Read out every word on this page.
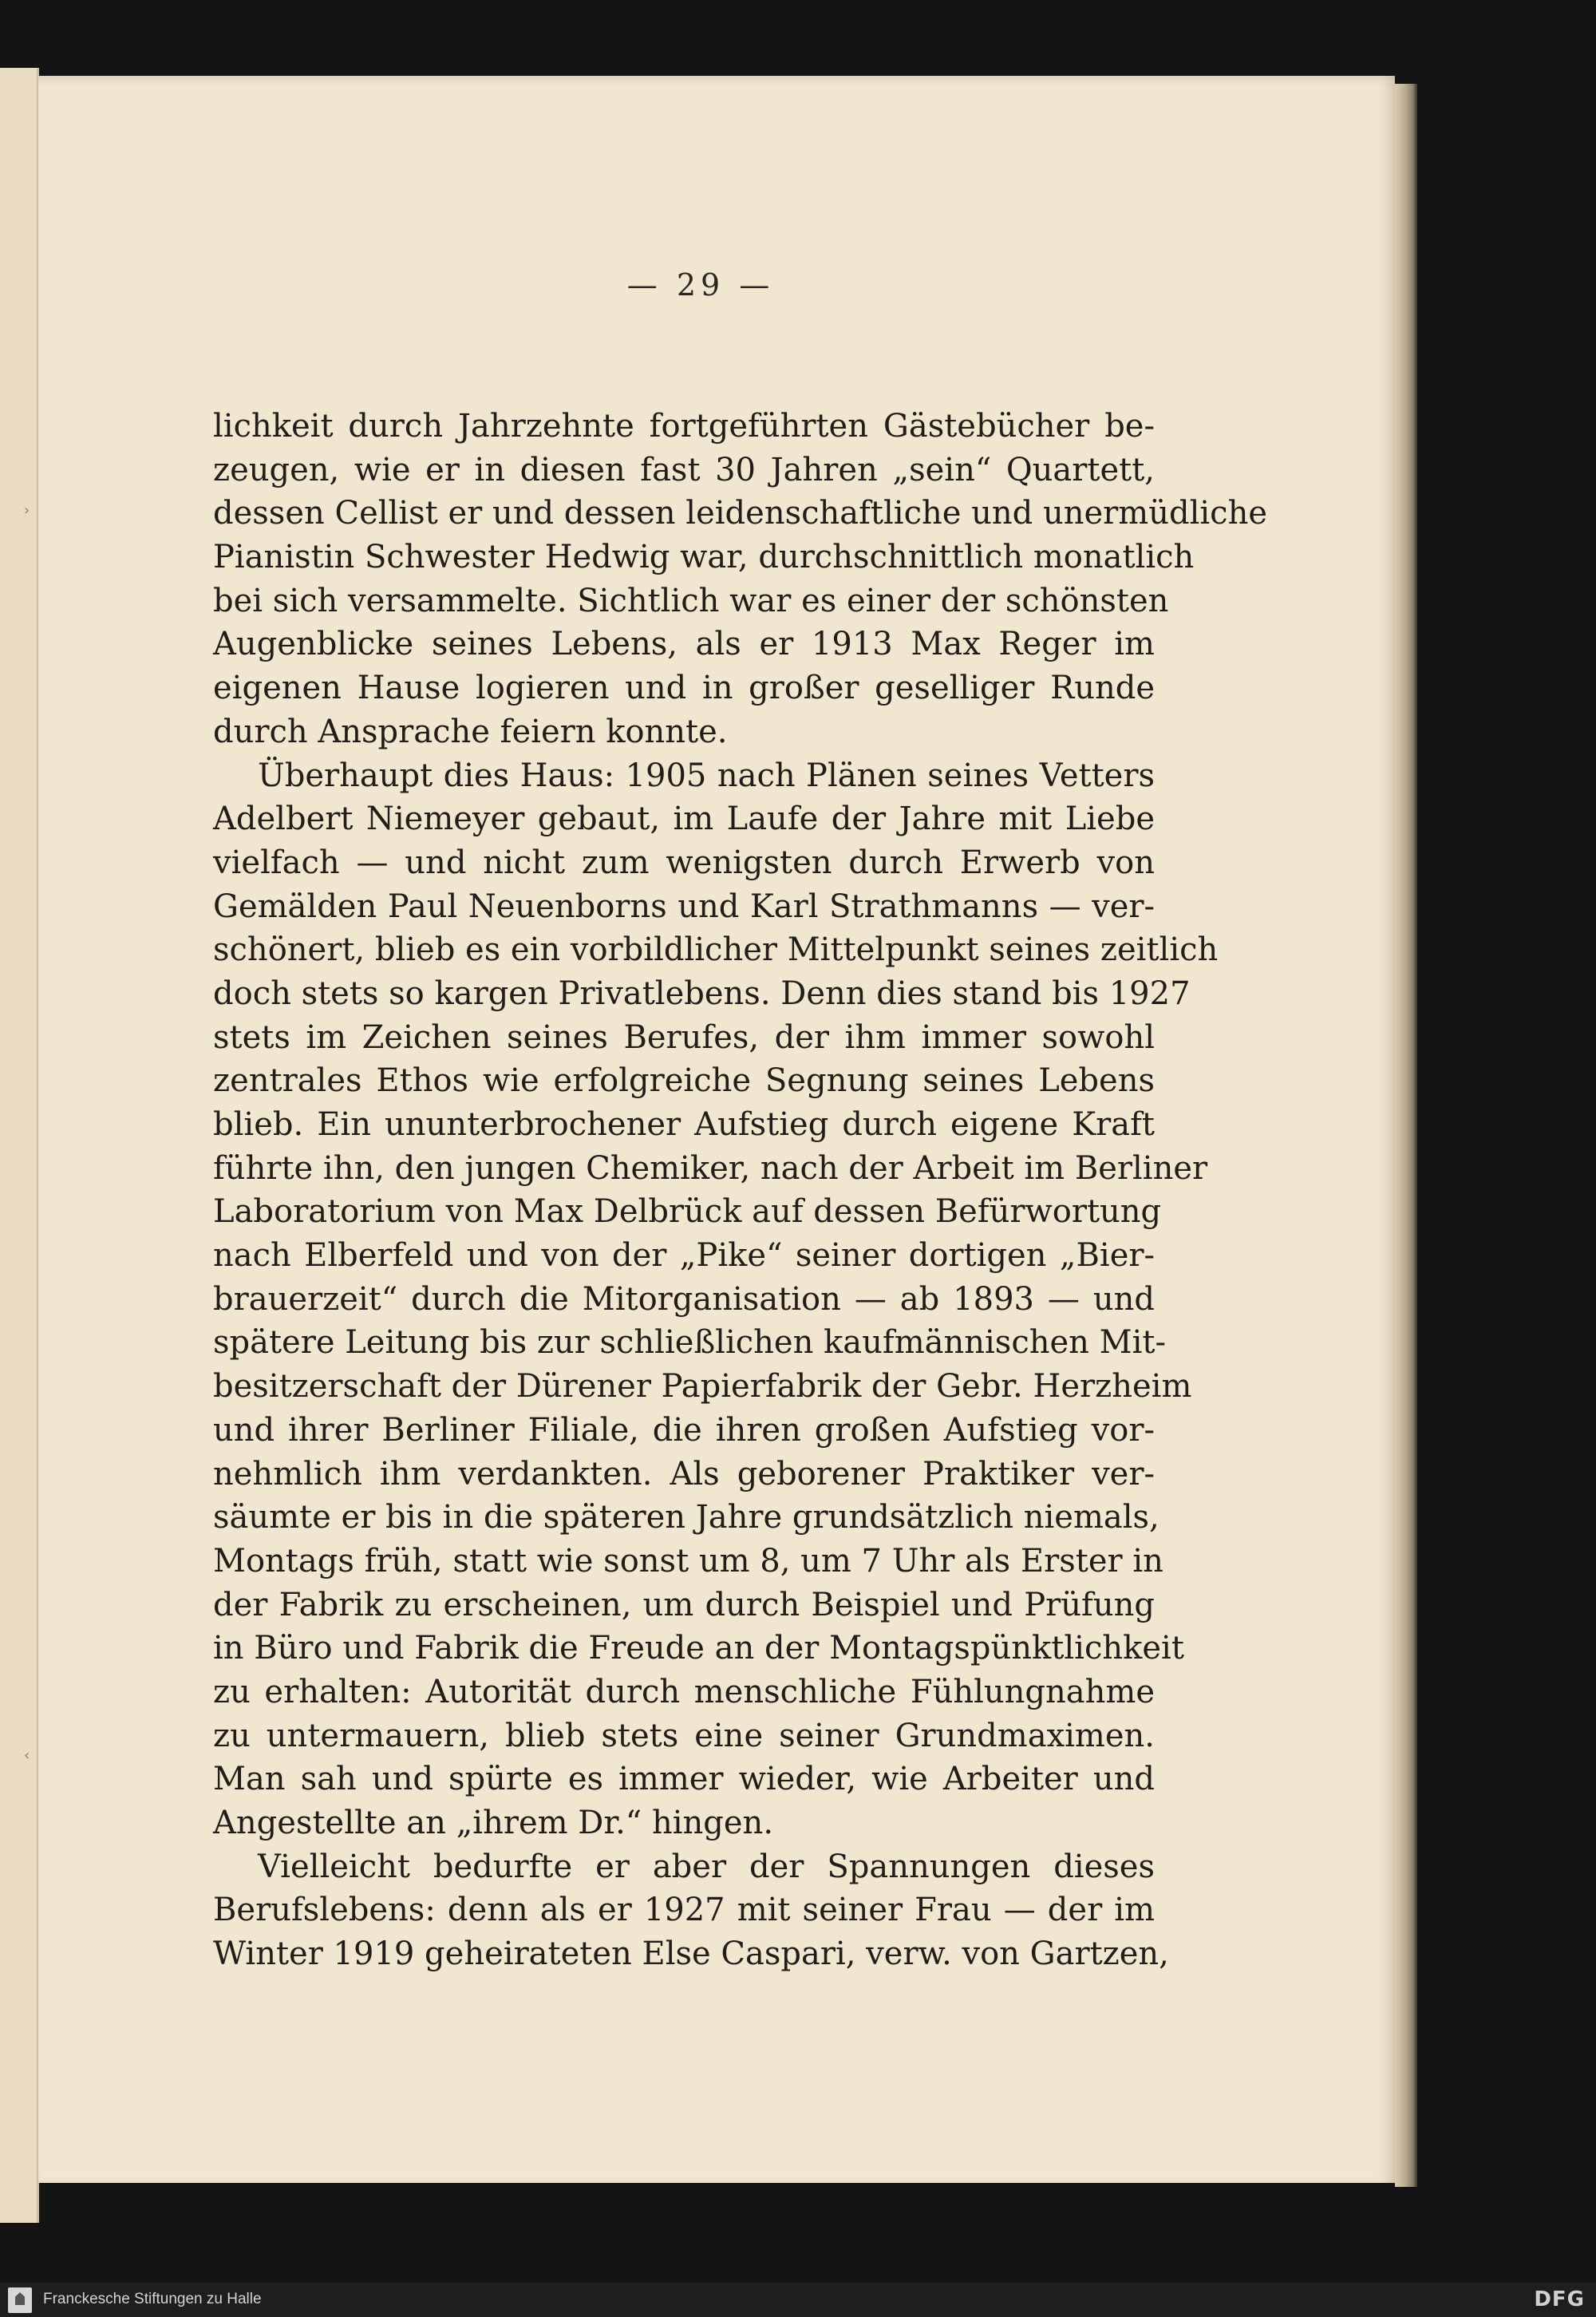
›
‹
— 29 —
lichkeit durch Jahrzehnte fortgeführten Gästebücher be-
zeugen, wie er in diesen fast 30 Jahren „sein“ Quartett,
dessen Cellist er und dessen leidenschaftliche und unermüdliche
Pianistin Schwester Hedwig war, durchschnittlich monatlich
bei sich versammelte. Sichtlich war es einer der schönsten
Augenblicke seines Lebens, als er 1913 Max Reger im
eigenen Hause logieren und in großer geselliger Runde
durch Ansprache feiern konnte.
Überhaupt dies Haus: 1905 nach Plänen seines Vetters
Adelbert Niemeyer gebaut, im Laufe der Jahre mit Liebe
vielfach — und nicht zum wenigsten durch Erwerb von
Gemälden Paul Neuenborns und Karl Strathmanns — ver-
schönert, blieb es ein vorbildlicher Mittelpunkt seines zeitlich
doch stets so kargen Privatlebens. Denn dies stand bis 1927
stets im Zeichen seines Berufes, der ihm immer sowohl
zentrales Ethos wie erfolgreiche Segnung seines Lebens
blieb. Ein ununterbrochener Aufstieg durch eigene Kraft
führte ihn, den jungen Chemiker, nach der Arbeit im Berliner
Laboratorium von Max Delbrück auf dessen Befürwortung
nach Elberfeld und von der „Pike“ seiner dortigen „Bier-
brauerzeit“ durch die Mitorganisation — ab 1893 — und
spätere Leitung bis zur schließlichen kaufmännischen Mit-
besitzerschaft der Dürener Papierfabrik der Gebr. Herzheim
und ihrer Berliner Filiale, die ihren großen Aufstieg vor-
nehmlich ihm verdankten. Als geborener Praktiker ver-
säumte er bis in die späteren Jahre grundsätzlich niemals,
Montags früh, statt wie sonst um 8, um 7 Uhr als Erster in
der Fabrik zu erscheinen, um durch Beispiel und Prüfung
in Büro und Fabrik die Freude an der Montagspünktlichkeit
zu erhalten: Autorität durch menschliche Fühlungnahme
zu untermauern, blieb stets eine seiner Grundmaximen.
Man sah und spürte es immer wieder, wie Arbeiter und
Angestellte an „ihrem Dr.“ hingen.
Vielleicht bedurfte er aber der Spannungen dieses
Berufslebens: denn als er 1927 mit seiner Frau — der im
Winter 1919 geheirateten Else Caspari, verw. von Gartzen,
Franckesche Stiftungen zu Halle	DFG
